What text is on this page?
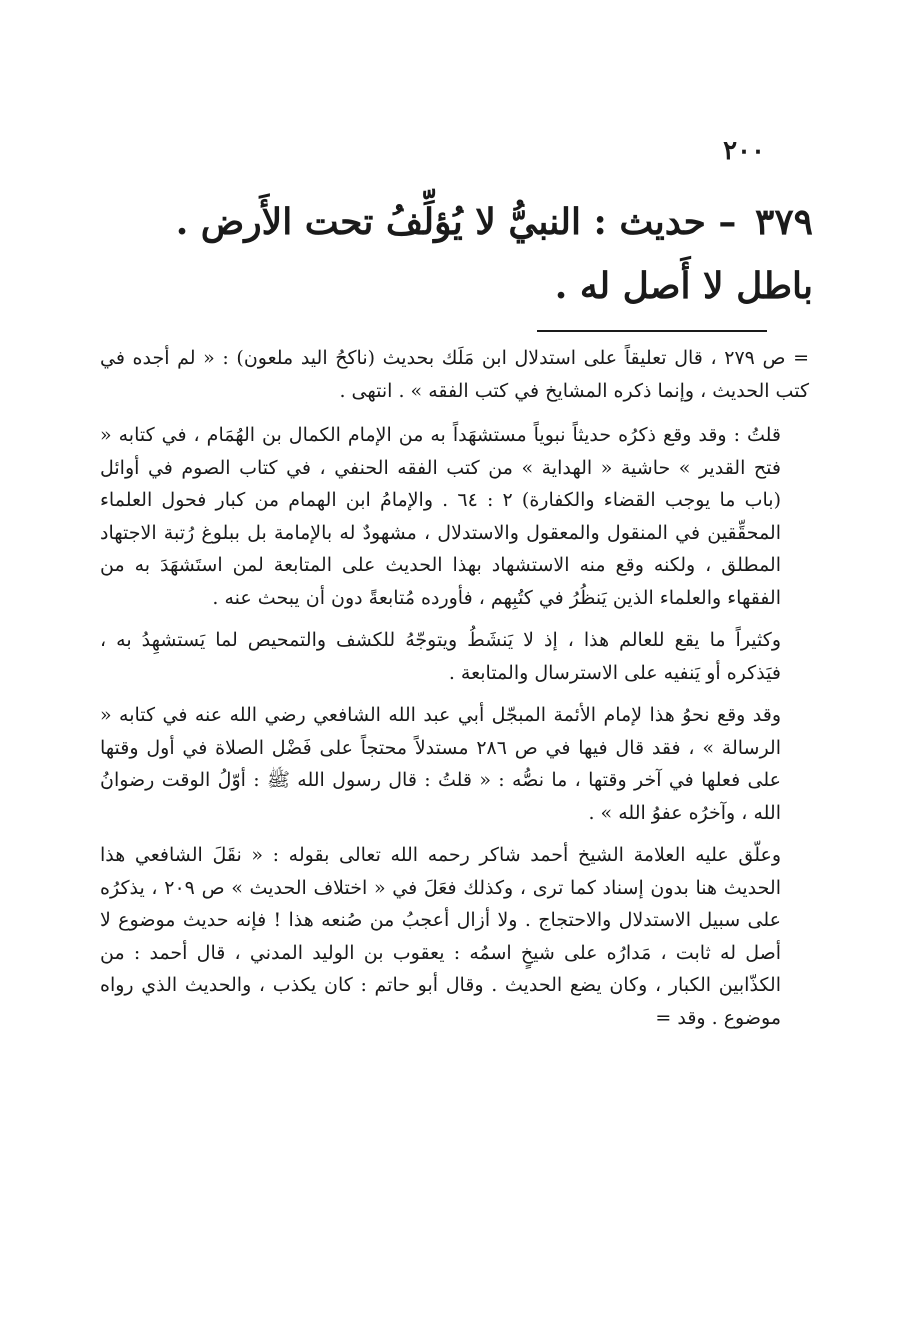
٢٠٠
٣٧٩ – حديث : النبيُّ لا يُؤلِّفُ تحت الأَرض . باطل لا أَصل له .

= ص ٢٧٩ ، قال تعليقاً على استدلال ابن مَلَك بحديث (ناكحُ اليد ملعون) : « لم أجده في كتب الحديث ، وإنما ذكره المشايخ في كتب الفقه » . انتهى .

قلتُ : وقد وقع ذكرُه حديثاً نبوياً مستشهَداً به من الإمام الكمال بن الهُمَام ، في كتابه « فتح القدير » حاشية « الهداية » من كتب الفقه الحنفي ، في كتاب الصوم في أوائل (باب ما يوجب القضاء والكفارة) ٢ : ٦٤ . والإمامُ ابن الهمام من كبار فحول العلماء المحقِّقين في المنقول والمعقول والاستدلال ، مشهودٌ له بالإمامة بل ببلوغ رُتبة الاجتهاد المطلق ، ولكنه وقع منه الاستشهاد بهذا الحديث على المتابعة لمن استَشهَدَ به من الفقهاء والعلماء الذين يَنظُرُ في كتُبِهم ، فأورده مُتابعةً دون أن يبحث عنه .

وكثيراً ما يقع للعالم هذا ، إذ لا يَنشَطُ ويتوجّهُ للكشف والتمحيص لما يَستشهِدُ به ، فيَذكره أو يَنفيه على الاسترسال والمتابعة .

وقد وقع نحوُ هذا لإمام الأئمة المبجّل أبي عبد الله الشافعي رضي الله عنه في كتابه « الرسالة » ، فقد قال فيها في ص ٢٨٦ مستدلاً محتجاً على فَضْل الصلاة في أول وقتها على فعلها في آخر وقتها ، ما نصُّه : « قلتُ : قال رسول الله ﷺ : أوّلُ الوقت رضوانُ الله ، وآخرُه عفوُ الله » .

وعلّق عليه العلامة الشيخ أحمد شاكر رحمه الله تعالى بقوله : « نقَلَ الشافعي هذا الحديث هنا بدون إسناد كما ترى ، وكذلك فعَلَ في « اختلاف الحديث » ص ٢٠٩ ، يذكرُه على سبيل الاستدلال والاحتجاج . ولا أزال أعجبُ من صُنعه هذا ! فإنه حديث موضوع لا أصل له ثابت ، مَدارُه على شيخٍ اسمُه : يعقوب بن الوليد المدني ، قال أحمد : من الكذّابين الكبار ، وكان يضع الحديث . وقال أبو حاتم : كان يكذب ، والحديث الذي رواه موضوع . وقد =
